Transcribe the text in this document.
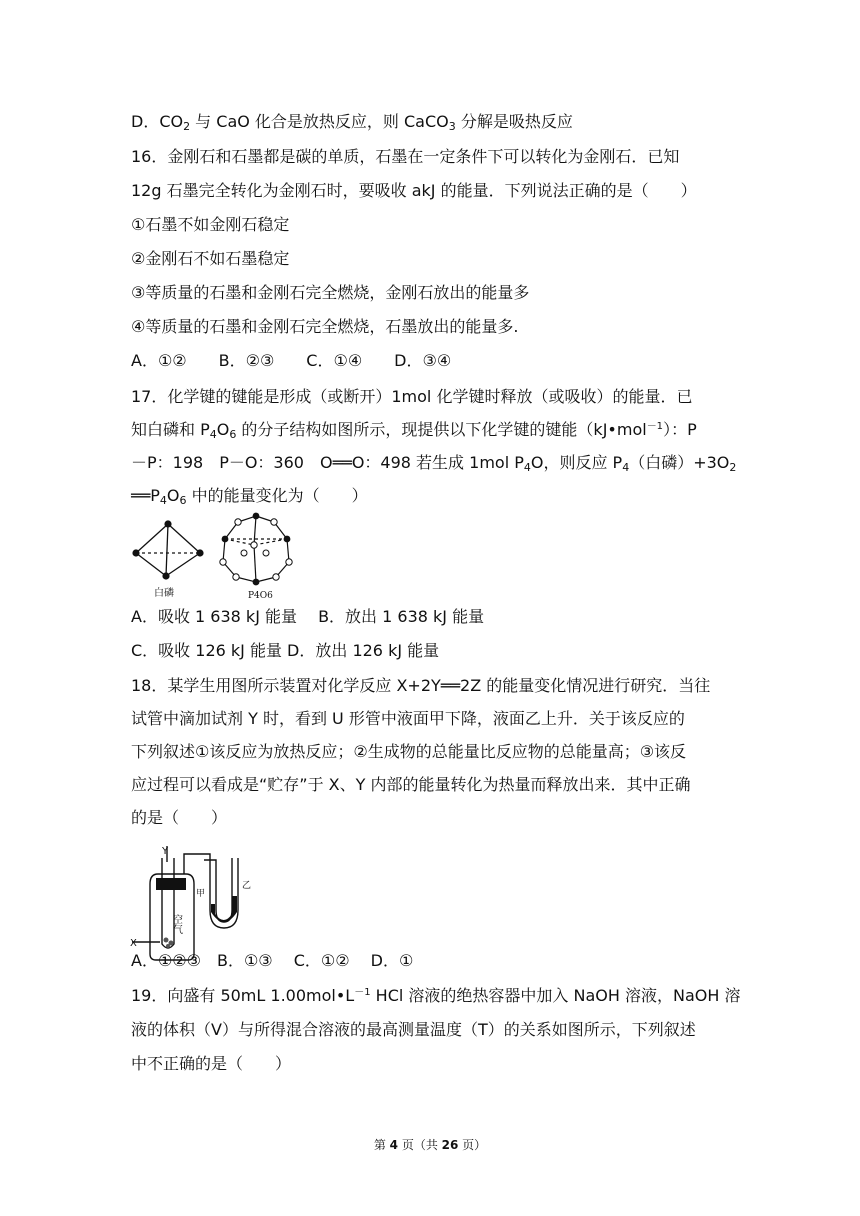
D．$CO_2$ 与 CaO 化合是放热反应，则 CaCO$_3$ 分解是吸热反应
16．金刚石和石墨都是碳的单质，石墨在一定条件下可以转化为金刚石．已知
12g 石墨完全转化为金刚石时，要吸收 akJ 的能量．下列说法正确的是（　　）
①石墨不如金刚石稳定
②金刚石不如石墨稳定
③等质量的石墨和金刚石完全燃烧，金刚石放出的能量多
④等质量的石墨和金刚石完全燃烧，石墨放出的能量多.
A．①②　　B．②③　　C．①④　　D．③④
17．化学键的键能是形成（或断开）1mol 化学键时释放（或吸收）的能量．已
知白磷和 $P_4O_6$ 的分子结构如图所示，现提供以下化学键的键能（kJ•mol$^{-1}$）：P
－P：198　P－O：360　O══O：498 若生成 1mol $P_4O$，则反应 $P_4$（白磷）$+3O_2$
$══P_4O_6$ 中的能量变化为（　　）
白磷	P4O6
A．吸收 1 638 kJ 能量　 B．放出 1 638 kJ 能量
C．吸收 126 kJ 能量 D．放出 126 kJ 能量
18．某学生用图所示装置对化学反应 X+2Y══2Z 的能量变化情况进行研究．当往
试管中滴加试剂 Y 时，看到 U 形管中液面甲下降，液面乙上升．关于该反应的
下列叙述①该反应为放热反应；②生成物的总能量比反应物的总能量高；③该反
应过程可以看成是“贮存”于 X、Y 内部的能量转化为热量而释放出来．其中正确
的是（　　）
Y
X
空气
甲
乙
A．①②③　B．①③　 C．①②　 D．①
19．向盛有 50mL $1.00mol•L^{-1}$ HCl 溶液的绝热容器中加入 NaOH 溶液，NaOH 溶
液的体积（V）与所得混合溶液的最高测量温度（T）的关系如图所示，下列叙述
中不正确的是（　　）
第 4 页（共 26 页）
